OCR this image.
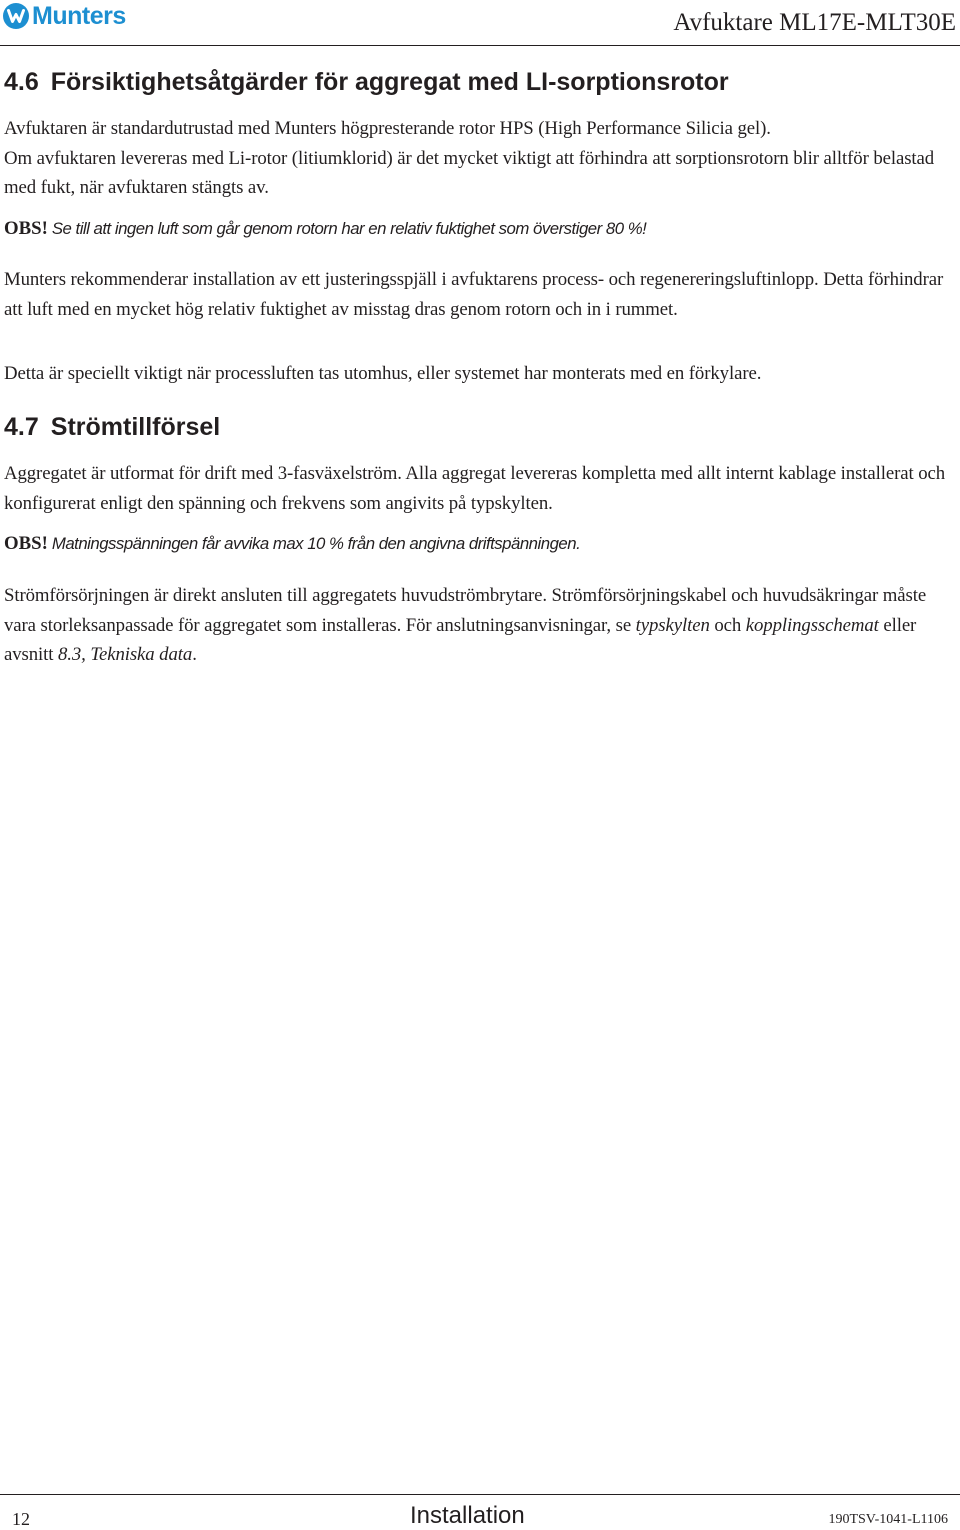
Munters	Avfuktare ML17E-MLT30E
4.6 Försiktighetsåtgärder för aggregat med LI-sorptionsrotor
Avfuktaren är standardutrustad med Munters högpresterande rotor HPS (High Performance Silicia gel).
Om avfuktaren levereras med Li-rotor (litiumklorid) är det mycket viktigt att förhindra att sorptionsrotorn blir alltför belastad med fukt, när avfuktaren stängts av.
OBS! Se till att ingen luft som går genom rotorn har en relativ fuktighet som överstiger 80 %!
Munters rekommenderar installation av ett justeringsspjäll i avfuktarens process- och regenereringsluftinlopp. Detta förhindrar att luft med en mycket hög relativ fuktighet av misstag dras genom rotorn och in i rummet.
Detta är speciellt viktigt när processluften tas utomhus, eller systemet har monterats med en förkylare.
4.7 Strömtillförsel
Aggregatet är utformat för drift med 3-fasväxelström. Alla aggregat levereras kompletta med allt internt kablage installerat och konfigurerat enligt den spänning och frekvens som angivits på typskylten.
OBS! Matningsspänningen får avvika max 10 % från den angivna driftspänningen.
Strömförsörjningen är direkt ansluten till aggregatets huvudströmbrytare. Strömförsörjningskabel och huvudsäkringar måste vara storleksanpassade för aggregatet som installeras. För anslutningsanvisningar, se typskylten och kopplingsschemat eller avsnitt 8.3, Tekniska data.
12	Installation	190TSV-1041-L1106
